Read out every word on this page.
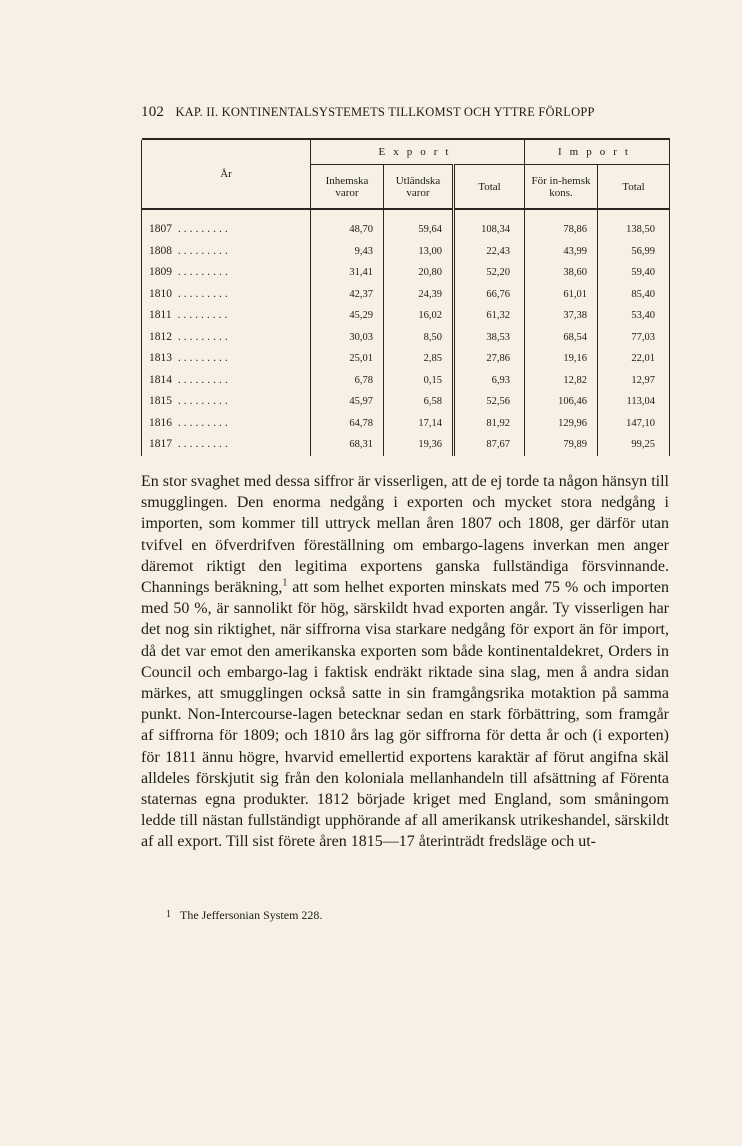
102 KAP. II. KONTINENTALSYSTEMETS TILLKOMST OCH YTTRE FÖRLOPP

År	Export			Import	
	Inhemska varor	Utländska varor	Total	För in-hemsk kons.	Total

1807 .........	48,70	59,64	108,34	78,86	138,50
1808 .........	9,43	13,00	22,43	43,99	56,99
1809 .........	31,41	20,80	52,20	38,60	59,40
1810 .........	42,37	24,39	66,76	61,01	85,40
1811 .........	45,29	16,02	61,32	37,38	53,40
1812 .........	30,03	8,50	38,53	68,54	77,03
1813 .........	25,01	2,85	27,86	19,16	22,01
1814 .........	6,78	0,15	6,93	12,82	12,97
1815 .........	45,97	6,58	52,56	106,46	113,04
1816 .........	64,78	17,14	81,92	129,96	147,10
1817 .........	68,31	19,36	87,67	79,89	99,25
En stor svaghet med dessa siffror är visserligen, att de ej torde ta någon hänsyn till smugglingen. Den enorma nedgång i exporten och mycket stora nedgång i importen, som kommer till uttryck mellan åren 1807 och 1808, ger därför utan tvifvel en öfverdrifven föreställning om embargo-lagens inverkan men anger däremot riktigt den legitima exportens ganska fullständiga försvinnande. Channings beräkning,$^1$ att som helhet exporten minskats med 75 % och importen med 50 %, är sannolikt för hög, särskildt hvad exporten angår. Ty visserligen har det nog sin riktighet, när siffrorna visa starkare nedgång för export än för import, då det var emot den amerikanska exporten som både kontinentaldekret, Orders in Council och embargo-lag i faktisk endräkt riktade sina slag, men å andra sidan märkes, att smugglingen också satte in sin framgångsrika motaktion på samma punkt. Non-Intercourse-lagen betecknar sedan en stark förbättring, som framgår af siffrorna för 1809; och 1810 års lag gör siffrorna för detta år och (i exporten) för 1811 ännu högre, hvarvid emellertid exportens karaktär af förut angifna skäl alldeles förskjutit sig från den koloniala mellanhandeln till afsättning af Förenta staternas egna produkter. 1812 började kriget med England, som småningom ledde till nästan fullständigt upphörande af all amerikansk utrikeshandel, särskildt af all export. Till sist förete åren 1815—17 återinträdt fredsläge och ut-
1 The Jeffersonian System 228.
